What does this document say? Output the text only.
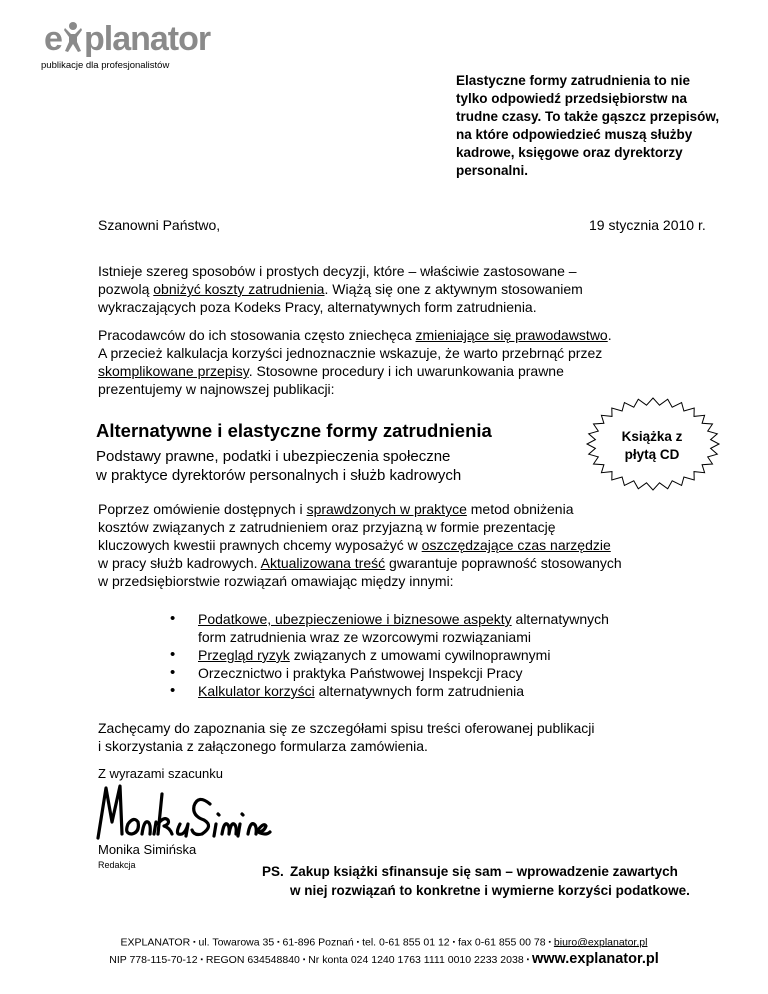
e planator
publikacje dla profesjonalistów
Elastyczne formy zatrudnienia to nie
tylko odpowiedź przedsiębiorstw na
trudne czasy. To także gąszcz przepisów,
na które odpowiedzieć muszą służby
kadrowe, księgowe oraz dyrektorzy
personalni.
Szanowni Państwo,	19 stycznia 2010 r.
Istnieje szereg sposobów i prostych decyzji, które – właściwie zastosowane –
pozwolą obniżyć koszty zatrudnienia. Wiążą się one z aktywnym stosowaniem
wykraczających poza Kodeks Pracy, alternatywnych form zatrudnienia.
Pracodawców do ich stosowania często zniechęca zmieniające się prawodawstwo.
A przecież kalkulacja korzyści jednoznacznie wskazuje, że warto przebrnąć przez
skomplikowane przepisy. Stosowne procedury i ich uwarunkowania prawne
prezentujemy w najnowszej publikacji:
Alternatywne i elastyczne formy zatrudnienia
Podstawy prawne, podatki i ubezpieczenia społeczne
w praktyce dyrektorów personalnych i służb kadrowych
Książka z
płytą CD
Poprzez omówienie dostępnych i sprawdzonych w praktyce metod obniżenia
kosztów związanych z zatrudnieniem oraz przyjazną w formie prezentację
kluczowych kwestii prawnych chcemy wyposażyć w oszczędzające czas narzędzie
w pracy służb kadrowych. Aktualizowana treść gwarantuje poprawność stosowanych
w przedsiębiorstwie rozwiązań omawiając między innymi:
• Podatkowe, ubezpieczeniowe i biznesowe aspekty alternatywnych
form zatrudnienia wraz ze wzorcowymi rozwiązaniami
• Przegląd ryzyk związanych z umowami cywilnoprawnymi
• Orzecznictwo i praktyka Państwowej Inspekcji Pracy
• Kalkulator korzyści alternatywnych form zatrudnienia
Zachęcamy do zapoznania się ze szczegółami spisu treści oferowanej publikacji
i skorzystania z załączonego formularza zamówienia.
Z wyrazami szacunku
Monika Simińska
Redakcja	PS. Zakup książki sfinansuje się sam – wprowadzenie zawartych
w niej rozwiązań to konkretne i wymierne korzyści podatkowe.
EXPLANATOR ▪ ul. Towarowa 35 ▪ 61-896 Poznań ▪ tel. 0-61 855 01 12 ▪ fax 0-61 855 00 78 ▪ biuro@explanator.pl
NIP 778-115-70-12 ▪ REGON 634548840 ▪ Nr konta 024 1240 1763 1111 0010 2233 2038 ▪ www.explanator.pl
